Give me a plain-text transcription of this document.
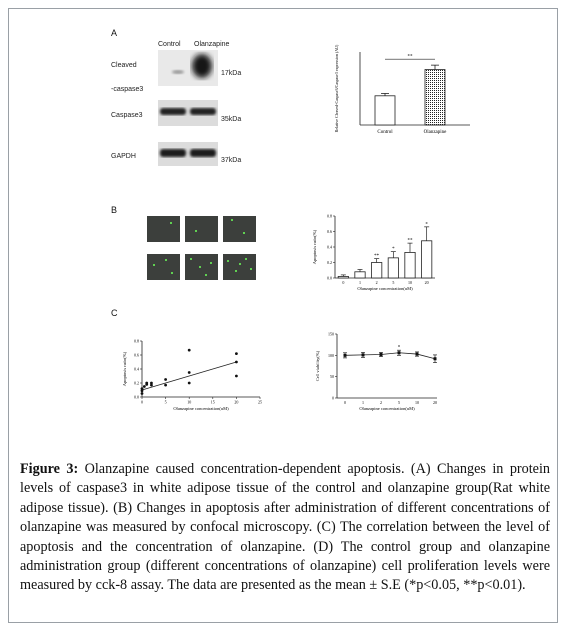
A
Control Olanzapine
Cleaved
-caspase3
17kDa
Caspase3
35kDa
GAPDH
37kDa
Relative Cleaved-Caspase3/Caspase3 expression (AU)
Control	Olanzapine
**
B
0.0
0.2
0.4
0.6
0.8
Apoptosis ratio(%)
0	1
**
2
*
5
**
10
*
20
Olanzapine concentration(uM)
C
0.0
0.2
0.4
0.6
0.8
0	5	10	15	20	25
Apoptosis ratio(%)
Olanzapine concentration(uM)
0
50
100
150
Cell viability(%)
0	1	2
*
5	10	20
Olanzapine concentration(uM)
Figure 3: Olanzapine caused concentration-dependent apoptosis. (A) Changes in protein levels of caspase3 in white adipose tissue of the control and olanzapine group(Rat white adipose tissue). (B) Changes in apoptosis after administration of different concentrations of olanzapine was measured by confocal microscopy. (C) The correlation between the level of apoptosis and the concentration of olanzapine. (D) The control group and olanzapine administration group (different concentrations of olanzapine) cell proliferation levels were measured by cck-8 assay. The data are presented as the mean ± S.E (*p<0.05, **p<0.01).
